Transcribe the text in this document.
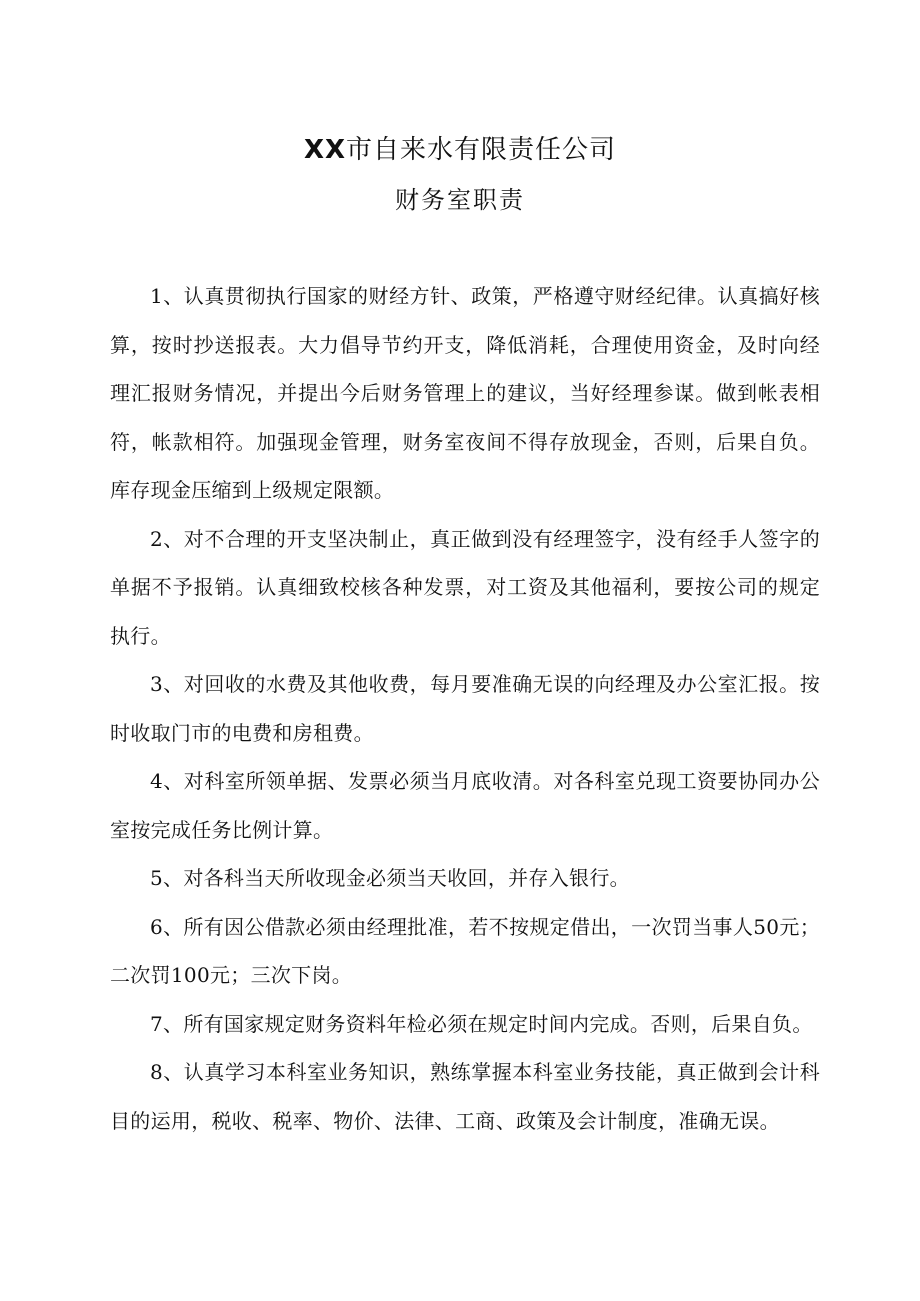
XX市自来水有限责任公司
财务室职责

1、认真贯彻执行国家的财经方针、政策，严格遵守财经纪律。认真搞好核算，按时抄送报表。大力倡导节约开支，降低消耗，合理使用资金，及时向经理汇报财务情况，并提出今后财务管理上的建议，当好经理参谋。做到帐表相符，帐款相符。加强现金管理，财务室夜间不得存放现金，否则，后果自负。库存现金压缩到上级规定限额。

2、对不合理的开支坚决制止，真正做到没有经理签字，没有经手人签字的单据不予报销。认真细致校核各种发票，对工资及其他福利，要按公司的规定执行。

3、对回收的水费及其他收费，每月要准确无误的向经理及办公室汇报。按时收取门市的电费和房租费。

4、对科室所领单据、发票必须当月底收清。对各科室兑现工资要协同办公室按完成任务比例计算。

5、对各科当天所收现金必须当天收回，并存入银行。

6、所有因公借款必须由经理批准，若不按规定借出，一次罚当事人50元；二次罚100元；三次下岗。

7、所有国家规定财务资料年检必须在规定时间内完成。否则，后果自负。

8、认真学习本科室业务知识，熟练掌握本科室业务技能，真正做到会计科目的运用，税收、税率、物价、法律、工商、政策及会计制度，准确无误。
